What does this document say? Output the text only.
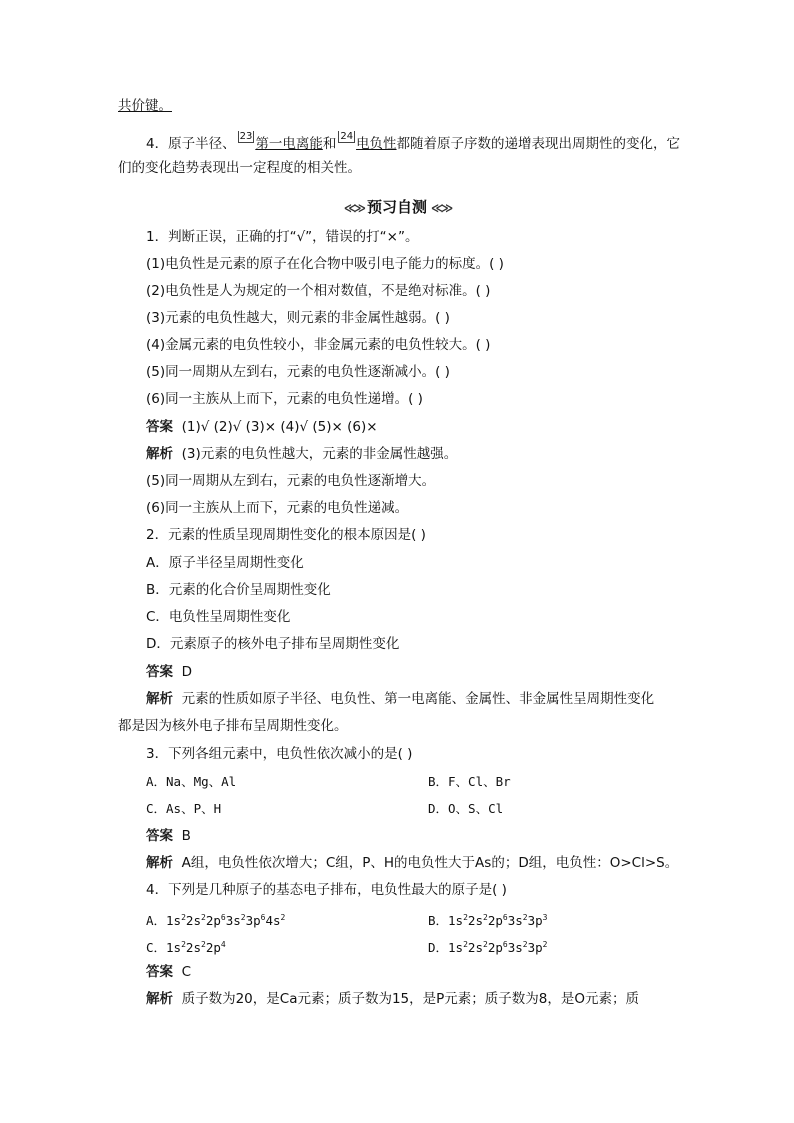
共价键。
4．原子半径、 23 第一电离能和 24 电负性都随着原子序数的递增表现出周期性的变化，它
们的变化趋势表现出一定程度的相关性。
≪≫ 预习自测 ≪≫
1．判断正误，正确的打“√”，错误的打“×”。
(1)电负性是元素的原子在化合物中吸引电子能力的标度。( )
(2)电负性是人为规定的一个相对数值，不是绝对标准。( )
(3)元素的电负性越大，则元素的非金属性越弱。( )
(4)金属元素的电负性较小，非金属元素的电负性较大。( )
(5)同一周期从左到右，元素的电负性逐渐减小。( )
(6)同一主族从上而下，元素的电负性递增。( )
答案 (1)√ (2)√ (3)× (4)√ (5)× (6)×
解析 (3)元素的电负性越大，元素的非金属性越强。
(5)同一周期从左到右，元素的电负性逐渐增大。
(6)同一主族从上而下，元素的电负性递减。
2．元素的性质呈现周期性变化的根本原因是( )
A．原子半径呈周期性变化
B．元素的化合价呈周期性变化
C．电负性呈周期性变化
D．元素原子的核外电子排布呈周期性变化
答案 D
解析 元素的性质如原子半径、电负性、第一电离能、金属性、非金属性呈周期性变化
都是因为核外电子排布呈周期性变化。
3．下列各组元素中，电负性依次减小的是( )
A．Na、Mg、Al	B．F、Cl、Br
C．As、P、H	D．O、S、Cl
答案 B
解析 A组，电负性依次增大；C组，P、H的电负性大于As的；D组，电负性：O>Cl>S。
4．下列是几种原子的基态电子排布，电负性最大的原子是( )
A．$1s^22s^22p^63s^23p^64s^2$	B．$1s^22s^22p^63s^23p^3$
C．$1s^22s^22p^4$	D．$1s^22s^22p^63s^23p^2$
答案 C
解析 质子数为20，是Ca元素；质子数为15，是P元素；质子数为8，是O元素；质
